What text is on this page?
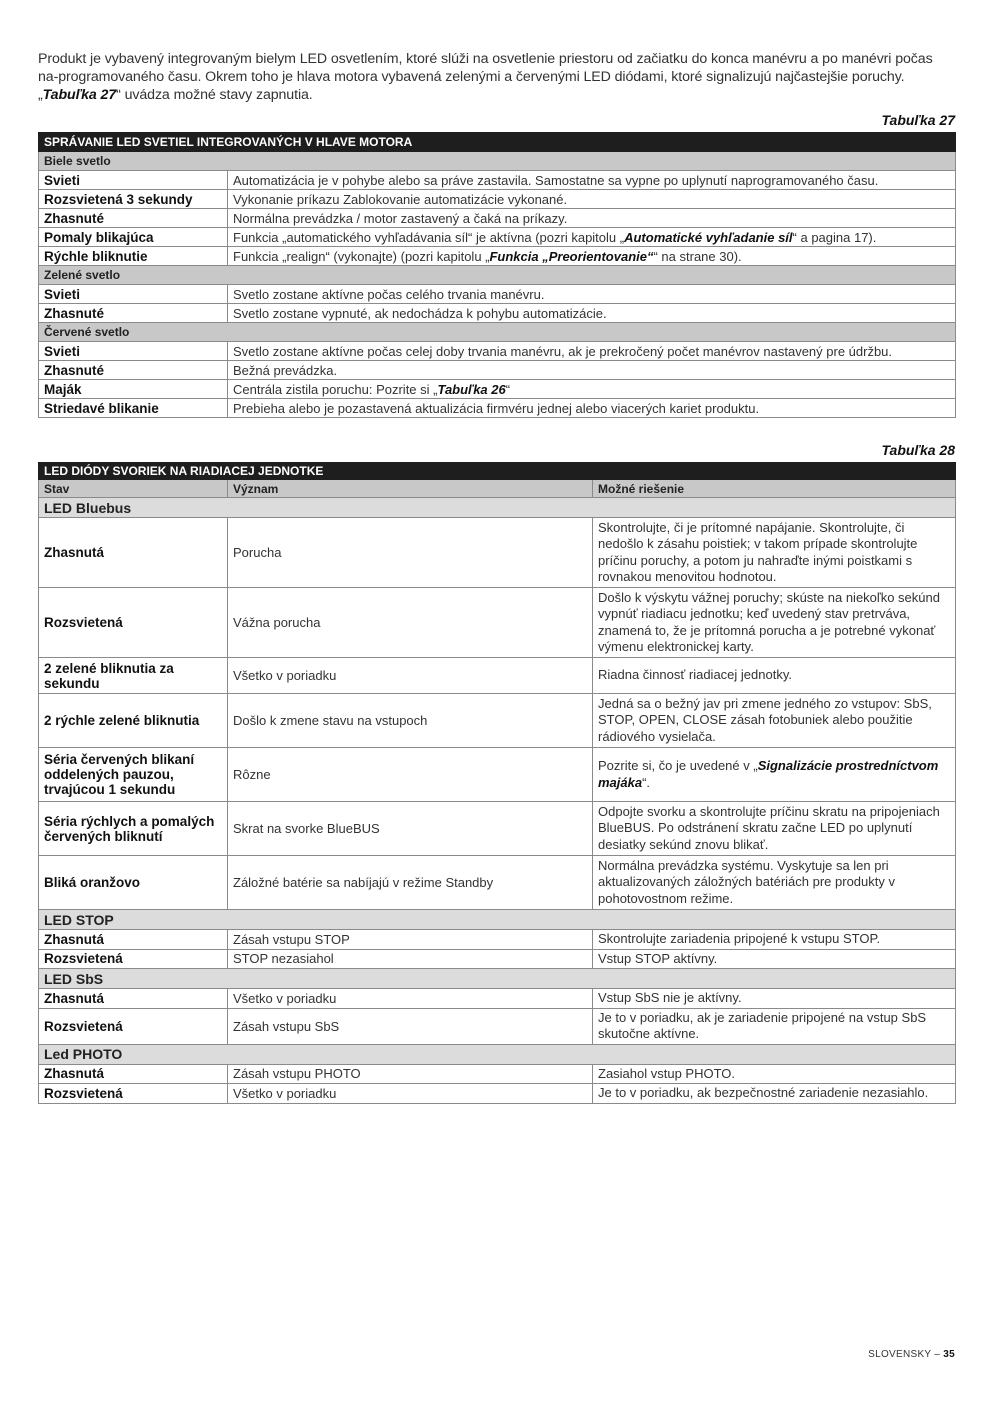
Produkt je vybavený integrovaným bielym LED osvetlením, ktoré slúži na osvetlenie priestoru od začiatku do konca manévru a po manévri počas na-programovaného času. Okrem toho je hlava motora vybavená zelenými a červenými LED diódami, ktoré signalizujú najčastejšie poruchy. „Tabuľka 27“ uvádza možné stavy zapnutia.
Tabuľka 27
SPRÁVANIE LED SVETIEL INTEGROVANÝCH V HLAVE MOTORA	
Biele svetlo	
Svieti	Automatizácia je v pohybe alebo sa práve zastavila. Samostatne sa vypne po uplynutí naprogramovaného času.
Rozsvietená 3 sekundy	Vykonanie príkazu Zablokovanie automatizácie vykonané.
Zhasnuté	Normálna prevádzka / motor zastavený a čaká na príkazy.
Pomaly blikajúca	Funkcia „automatického vyhľadávania síl“ je aktívna (pozri kapitolu „Automatické vyhľadanie síl“ a pagina 17).
Rýchle bliknutie	Funkcia „realign“ (vykonajte) (pozri kapitolu „Funkcia „Preorientovanie““ na strane 30).
Zelené svetlo	
Svieti	Svetlo zostane aktívne počas celého trvania manévru.
Zhasnuté	Svetlo zostane vypnuté, ak nedochádza k pohybu automatizácie.
Červené svetlo	
Svieti	Svetlo zostane aktívne počas celej doby trvania manévru, ak je prekročený počet manévrov nastavený pre údržbu.
Zhasnuté	Bežná prevádzka.
Maják	Centrála zistila poruchu: Pozrite si „Tabuľka 26“
Striedavé blikanie	Prebieha alebo je pozastavená aktualizácia firmvéru jednej alebo viacerých kariet produktu.
Tabuľka 28
LED DIÓDY SVORIEK NA RIADIACEJ JEDNOTKE		
Stav	Význam	Možné riešenie
LED Bluebus		
Zhasnutá	Porucha	Skontrolujte, či je prítomné napájanie. Skontrolujte, či nedošlo k zásahu poistiek; v takom prípade skontrolujte príčinu poruchy, a potom ju nahraďte inými poistkami s rovnakou menovitou hodnotou.
Rozsvietená	Vážna porucha	Došlo k výskytu vážnej poruchy; skúste na niekoľko sekúnd vypnúť riadiacu jednotku; keď uvedený stav pretrváva, znamená to, že je prítomná porucha a je potrebné vykonať výmenu elektronickej karty.
2 zelené bliknutia za sekundu	Všetko v poriadku	Riadna činnosť riadiacej jednotky.
2 rýchle zelené bliknutia	Došlo k zmene stavu na vstupoch	Jedná sa o bežný jav pri zmene jedného zo vstupov: SbS, STOP, OPEN, CLOSE zásah fotobuniek alebo použitie rádiového vysielača.
Séria červených blikaní oddelených pauzou, trvajúcou 1 sekundu	Rôzne	Pozrite si, čo je uvedené v „Signalizácie prostredníctvom majáka“.
Séria rýchlych a pomalých červených bliknutí	Skrat na svorke BlueBUS	Odpojte svorku a skontrolujte príčinu skratu na pripojeniach BlueBUS. Po odstránení skratu začne LED po uplynutí desiatky sekúnd znovu blikať.
Bliká oranžovo	Záložné batérie sa nabíjajú v režime Standby	Normálna prevádzka systému. Vyskytuje sa len pri aktualizovaných záložných batériách pre produkty v pohotovostnom režime.
LED STOP		
Zhasnutá	Zásah vstupu STOP	Skontrolujte zariadenia pripojené k vstupu STOP.
Rozsvietená	STOP nezasiahol	Vstup STOP aktívny.
LED SbS		
Zhasnutá	Všetko v poriadku	Vstup SbS nie je aktívny.
Rozsvietená	Zásah vstupu SbS	Je to v poriadku, ak je zariadenie pripojené na vstup SbS skutočne aktívne.
Led PHOTO		
Zhasnutá	Zásah vstupu PHOTO	Zasiahol vstup PHOTO.
Rozsvietená	Všetko v poriadku	Je to v poriadku, ak bezpečnostné zariadenie nezasiahlo.
SLOVENSKY – 35
